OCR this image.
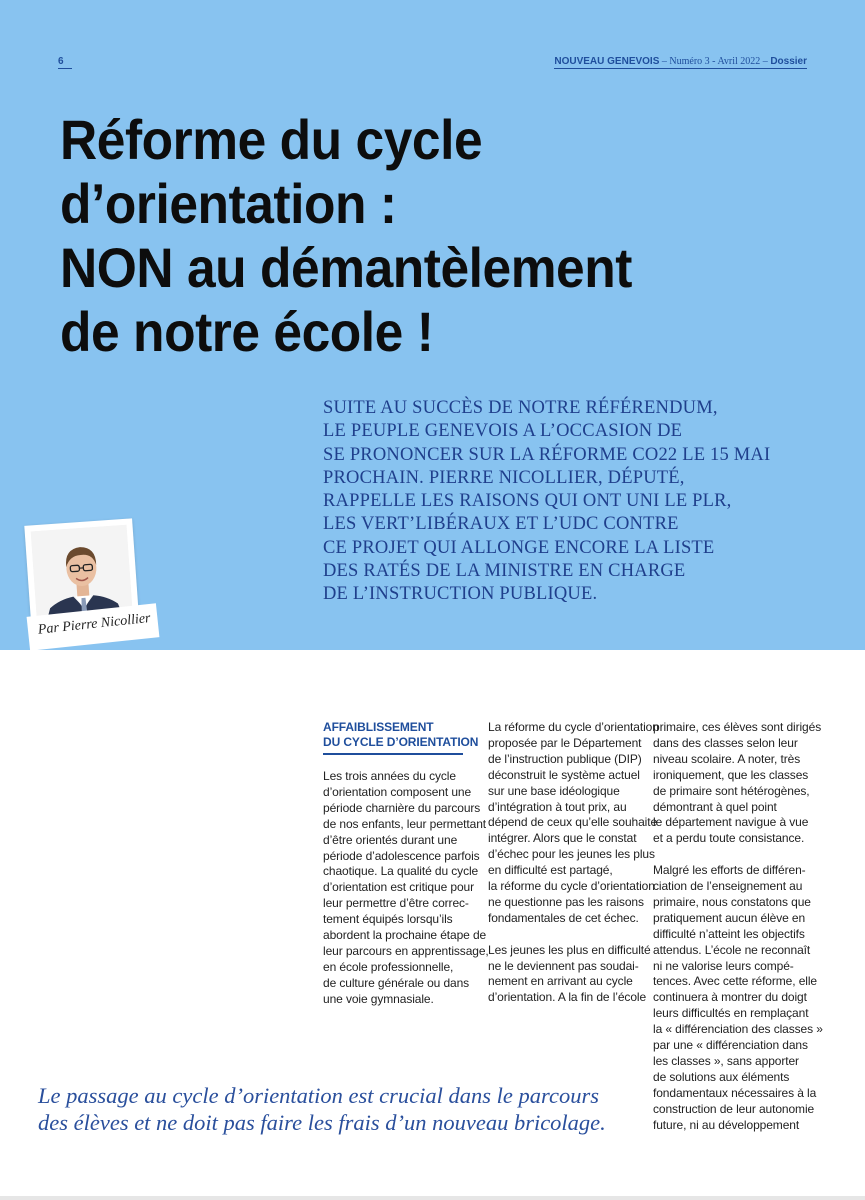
6	NOUVEAU GENEVOIS – Numéro 3 - Avril 2022 – Dossier
Réforme du cycle
d’orientation :
NON au démantèlement
de notre école !
SUITE AU SUCCÈS DE NOTRE RÉFÉRENDUM,
LE PEUPLE GENEVOIS A L’OCCASION DE
SE PRONONCER SUR LA RÉFORME CO22 LE 15 MAI
PROCHAIN. PIERRE NICOLLIER, DÉPUTÉ,
RAPPELLE LES RAISONS QUI ONT UNI LE PLR,
LES VERT’LIBÉRAUX ET L’UDC CONTRE
CE PROJET QUI ALLONGE ENCORE LA LISTE
DES RATÉS DE LA MINISTRE EN CHARGE
DE L’INSTRUCTION PUBLIQUE.
Par Pierre Nicollier
AFFAIBLISSEMENT
DU CYCLE D’ORIENTATION
Les trois années du cycle
d’orientation composent une
période charnière du parcours
de nos enfants, leur permettant
d’être orientés durant une
période d’adolescence parfois
chaotique. La qualité du cycle
d’orientation est critique pour
leur permettre d’être correc-
tement équipés lorsqu’ils
abordent la prochaine étape de
leur parcours en apprentissage,
en école professionnelle,
de culture générale ou dans
une voie gymnasiale.
La réforme du cycle d’orientation
proposée par le Département
de l’instruction publique (DIP)
déconstruit le système actuel
sur une base idéologique
d’intégration à tout prix, au
dépend de ceux qu’elle souhaite
intégrer. Alors que le constat
d’échec pour les jeunes les plus
en difficulté est partagé,
la réforme du cycle d’orientation
ne questionne pas les raisons
fondamentales de cet échec.
Les jeunes les plus en difficulté
ne le deviennent pas soudai-
nement en arrivant au cycle
d’orientation. A la fin de l’école
primaire, ces élèves sont dirigés
dans des classes selon leur
niveau scolaire. A noter, très
ironiquement, que les classes
de primaire sont hétérogènes,
démontrant à quel point
le département navigue à vue
et a perdu toute consistance.
Malgré les efforts de différen-
ciation de l’enseignement au
primaire, nous constatons que
pratiquement aucun élève en
difficulté n’atteint les objectifs
attendus. L’école ne reconnaît
ni ne valorise leurs compé-
tences. Avec cette réforme, elle
continuera à montrer du doigt
leurs difficultés en remplaçant
la « différenciation des classes »
par une « différenciation dans
les classes », sans apporter
de solutions aux éléments
fondamentaux nécessaires à la
construction de leur autonomie
future, ni au développement
Le passage au cycle d’orientation est crucial dans le parcours
des élèves et ne doit pas faire les frais d’un nouveau bricolage.
